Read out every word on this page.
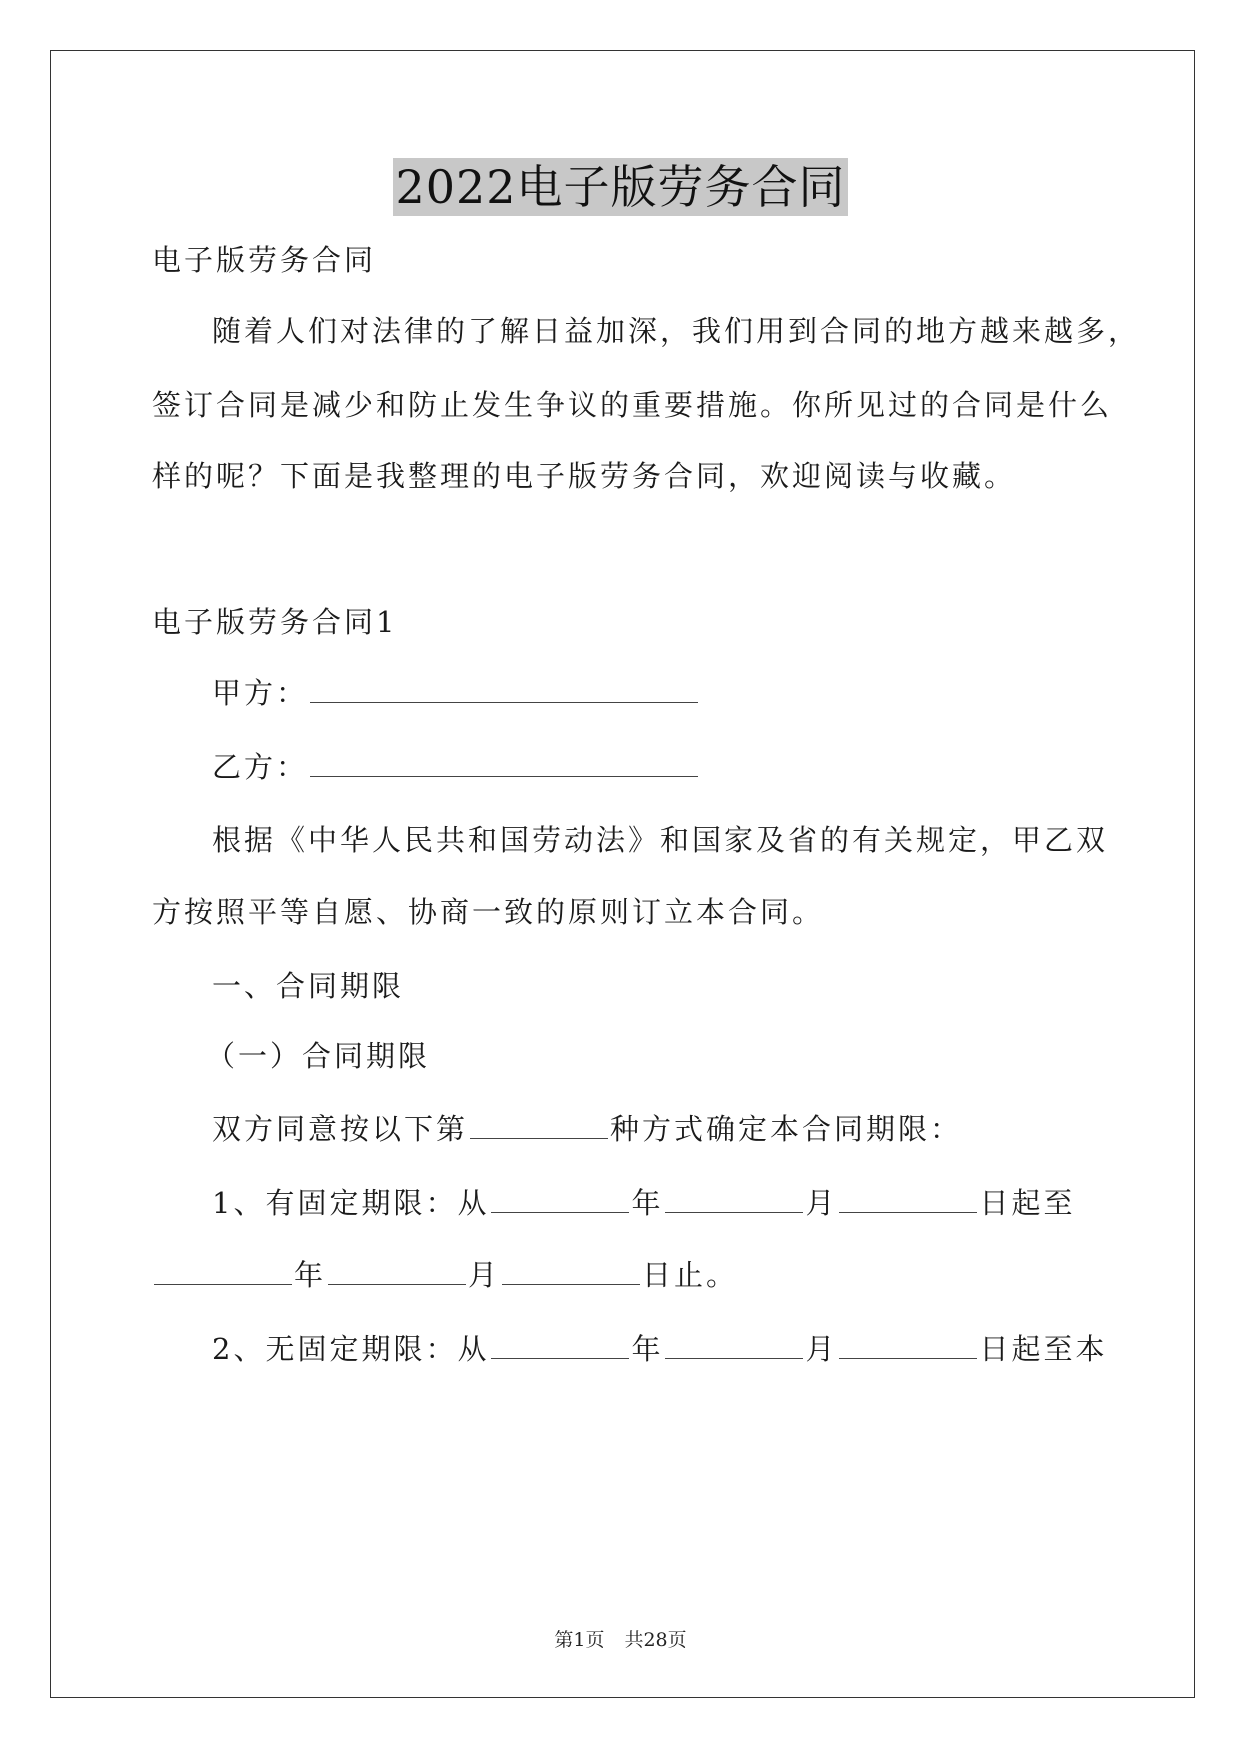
2022电子版劳务合同
电子版劳务合同
随着人们对法律的了解日益加深，我们用到合同的地方越来越多，
签订合同是减少和防止发生争议的重要措施。你所见过的合同是什么
样的呢？下面是我整理的电子版劳务合同，欢迎阅读与收藏。
电子版劳务合同1
甲方：
乙方：
根据《中华人民共和国劳动法》和国家及省的有关规定，甲乙双
方按照平等自愿、协商一致的原则订立本合同。
一、合同期限
（一）合同期限
双方同意按以下第	种方式确定本合同期限：
1、有固定期限：从	年	月	日起至
年	月	日止。
2、无固定期限：从	年	月	日起至本
第1页 共28页
